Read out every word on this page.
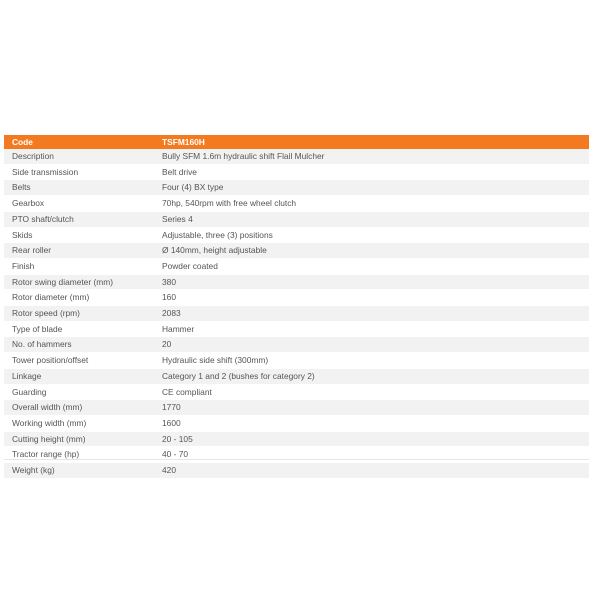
Code	TSFM160H
Description	Bully SFM 1.6m hydraulic shift Flail Mulcher
Side transmission	Belt drive
Belts	Four (4) BX type
Gearbox	70hp, 540rpm with free wheel clutch
PTO shaft/clutch	Series 4
Skids	Adjustable, three (3) positions
Rear roller	Ø 140mm, height adjustable
Finish	Powder coated
Rotor swing diameter (mm)	380
Rotor diameter (mm)	160
Rotor speed (rpm)	2083
Type of blade	Hammer
No. of hammers	20
Tower position/offset	Hydraulic side shift (300mm)
Linkage	Category 1 and 2 (bushes for category 2)
Guarding	CE compliant
Overall width (mm)	1770
Working width (mm)	1600
Cutting height (mm)	20 - 105
Tractor range (hp)	40 - 70
Weight (kg)	420
